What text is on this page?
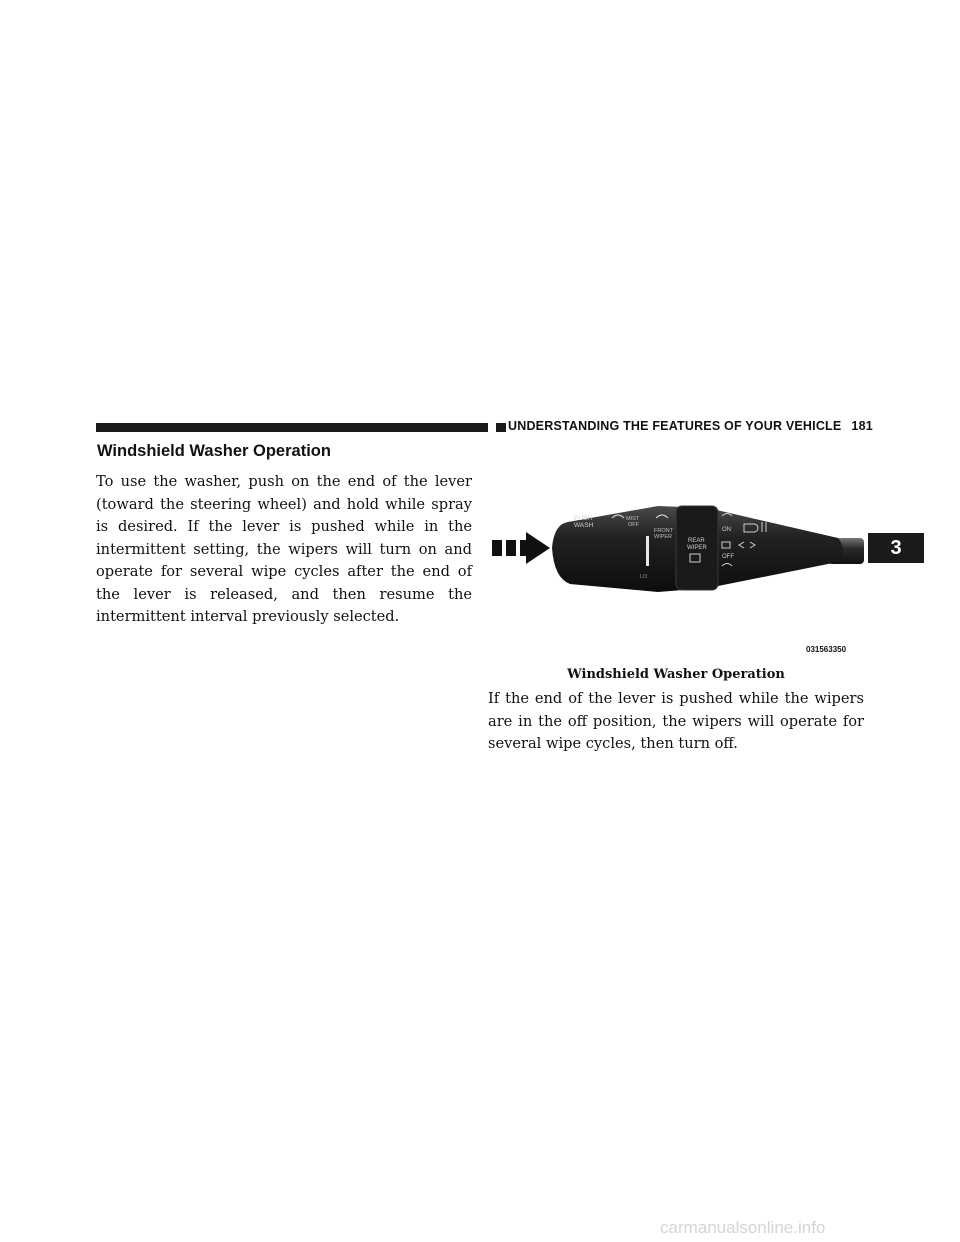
UNDERSTANDING THE FEATURES OF YOUR VEHICLE 181
Windshield Washer Operation
To use the washer, push on the end of the lever (toward the steering wheel) and hold while spray is desired. If the lever is pushed while in the intermittent setting, the wipers will turn on and operate for several wipe cycles after the end of the lever is released, and then resume the intermittent interval previously selected.
PUSH
WASH
MIST
OFF
FRONT
WIPER
REAR
WIPER
ON
OFF
LO
031563350
Windshield Washer Operation
If the end of the lever is pushed while the wipers are in the off position, the wipers will operate for several wipe cycles, then turn off.
3
carmanualsonline.info
